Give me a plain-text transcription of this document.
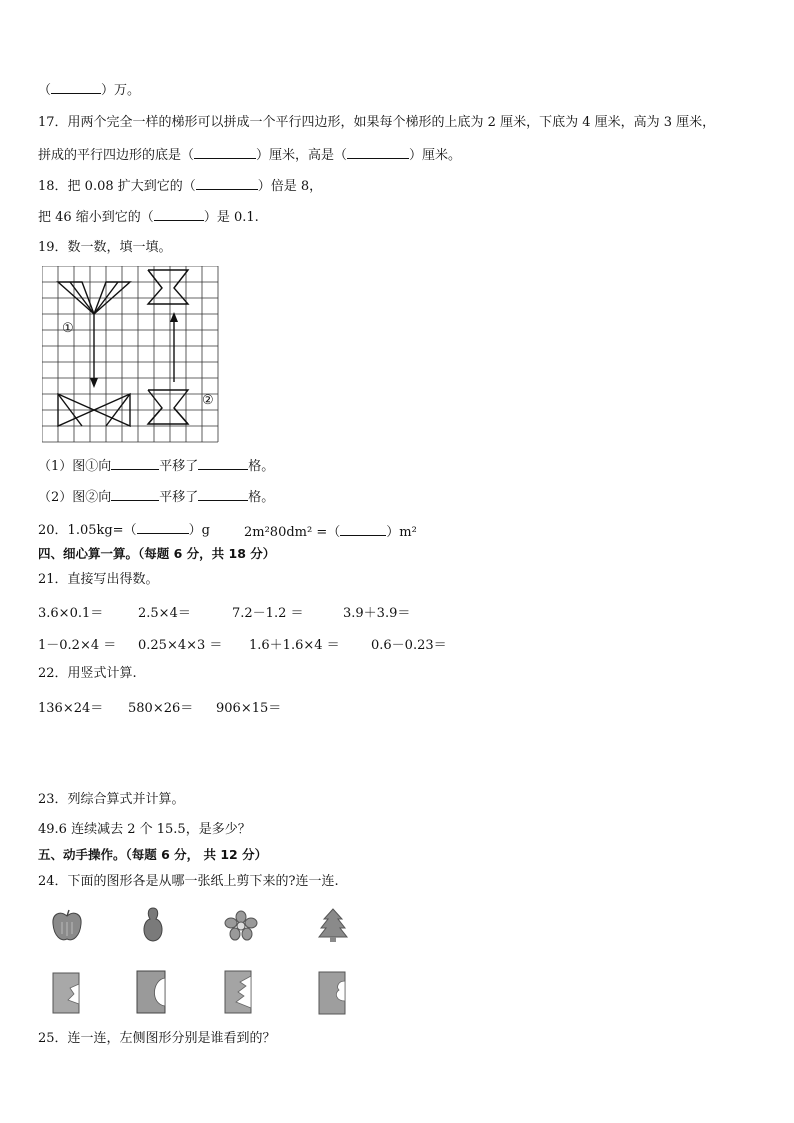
（	）万。
17．用两个完全一样的梯形可以拼成一个平行四边形，如果每个梯形的上底为 2 厘米，下底为 4 厘米，高为 3 厘米，
拼成的平行四边形的底是（	）厘米，高是（	）厘米。
18．把 0.08 扩大到它的（	）倍是 8，
把 46 缩小到它的（	）是 0.1.
19．数一数，填一填。
①
②
（1）图①向	平移了	格。
（2）图②向	平移了	格。
20．1.05kg=（	）g	2m²80dm² =（	）m²
四、细心算一算。（每题 6 分，共 18 分）
21．直接写出得数。
3.6×0.1＝	2.5×4＝	7.2－1.2 ＝	3.9＋3.9＝
1－0.2×4 ＝ 0.25×4×3 ＝ 1.6＋1.6×4 ＝ 0.6－0.23＝
22．用竖式计算.
136×24＝ 580×26＝ 906×15＝
23．列综合算式并计算。
49.6 连续减去 2 个 15.5，是多少？
五、动手操作。（每题 6 分， 共 12 分）
24．下面的图形各是从哪一张纸上剪下来的?连一连.
25．连一连，左侧图形分别是谁看到的？
